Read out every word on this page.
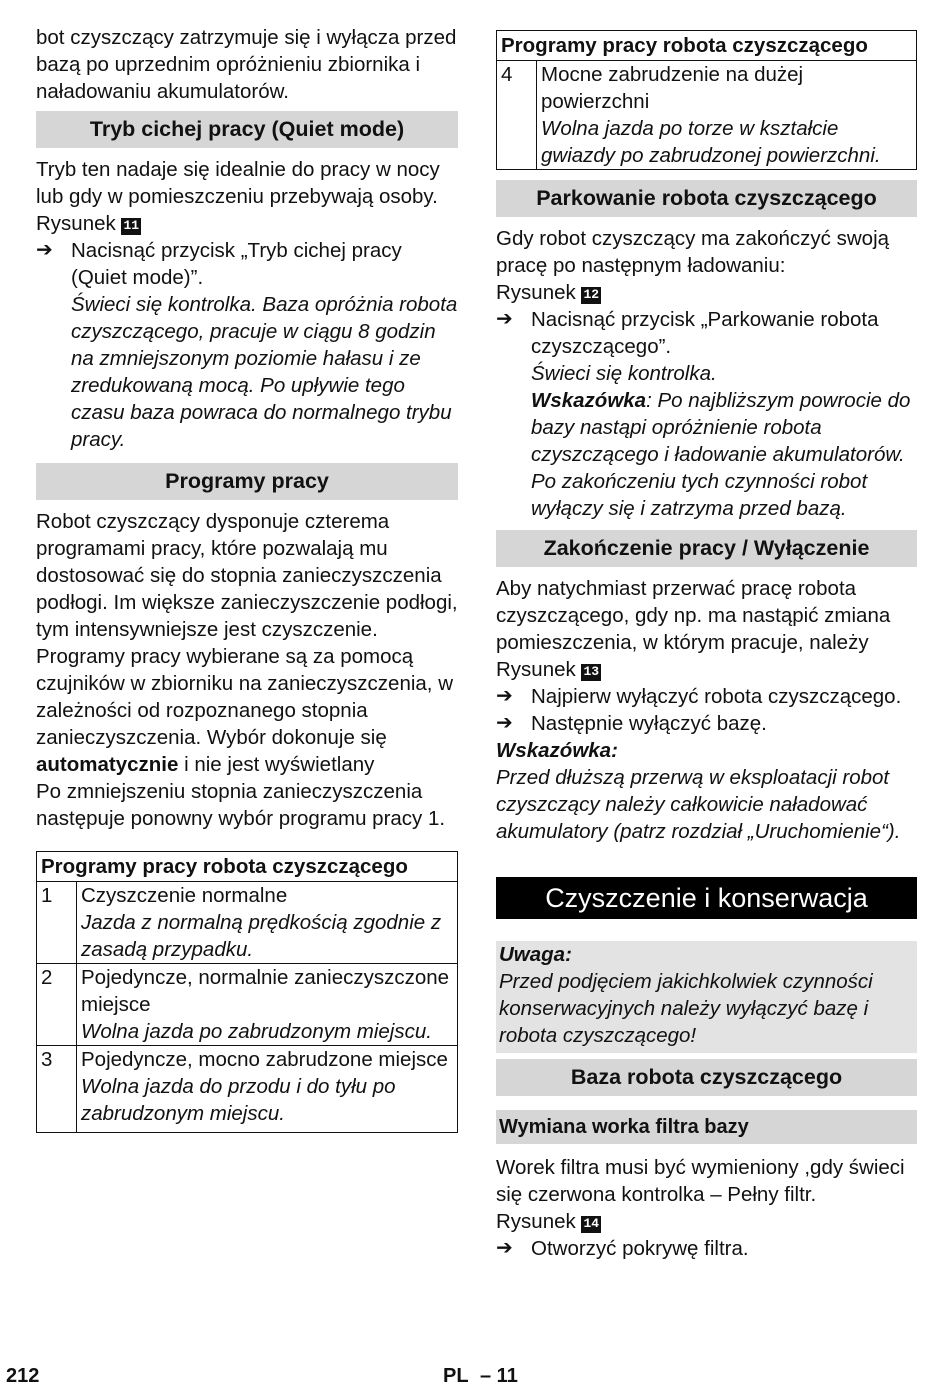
bot czyszczący zatrzymuje się i wyłącza przed bazą po uprzednim opróżnieniu zbiornika i naładowaniu akumulatorów.

Tryb cichej pracy (Quiet mode)

Tryb ten nadaje się idealnie do pracy w nocy lub gdy w pomieszczeniu przebywają osoby.

Rysunek 11

➔ Nacisnąć przycisk „Tryb cichej pracy (Quiet mode)”.

Świeci się kontrolka. Baza opróżnia robota czyszczącego, pracuje w ciągu 8 godzin na zmniejszonym poziomie hałasu i ze zredukowaną mocą. Po upływie tego czasu baza powraca do normalnego trybu pracy.

Programy pracy

Robot czyszczący dysponuje czterema programami pracy, które pozwalają mu dostosować się do stopnia zanieczyszczenia podłogi. Im większe zanieczyszczenie podłogi, tym intensywniejsze jest czyszczenie. Programy pracy wybierane są za pomocą czujników w zbiorniku na zanieczyszczenia, w zależności od rozpoznanego stopnia zanieczyszczenia. Wybór dokonuje się automatycznie i nie jest wyświetlany

Po zmniejszeniu stopnia zanieczyszczenia następuje ponowny wybór programu pracy 1.

Programy pracy robota czyszczącego	
1	Czyszczenie normalne
Jazda z normalną prędkością zgodnie z zasadą przypadku.

2	Pojedyncze, normalnie zanieczyszczone miejsce
Wolna jazda po zabrudzonym miejscu.

3	Pojedyncze, mocno zabrudzone miejsce
Wolna jazda do przodu i do tyłu po zabrudzonym miejscu.
Programy pracy robota czyszczącego
4	Mocne zabrudzenie na dużej powierzchni
Wolna jazda po torze w kształcie gwiazdy po zabrudzonej powierzchni.
Parkowanie robota czyszczącego

Gdy robot czyszczący ma zakończyć swoją pracę po następnym ładowaniu:

Rysunek 12

➔ Nacisnąć przycisk „Parkowanie robota czyszczącego”.

Świeci się kontrolka.

Wskazówka: Po najbliższym powrocie do bazy nastąpi opróżnienie robota czyszczącego i ładowanie akumulatorów. Po zakończeniu tych czynności robot wyłączy się i zatrzyma przed bazą.

Zakończenie pracy / Wyłączenie

Aby natychmiast przerwać pracę robota czyszczącego, gdy np. ma nastąpić zmiana pomieszczenia, w którym pracuje, należy

Rysunek 13

➔ Najpierw wyłączyć robota czyszczącego.
➔ Następnie wyłączyć bazę.

Wskazówka:

Przed dłuższą przerwą w eksploatacji robot czyszczący należy całkowicie naładować akumulatory (patrz rozdział „Uruchomienie“).

Czyszczenie i konserwacja

Uwaga:

Przed podjęciem jakichkolwiek czynności konserwacyjnych należy wyłączyć bazę i robota czyszczącego!

Baza robota czyszczącego
Wymiana worka filtra bazy

Worek filtra musi być wymieniony ,gdy świeci się czerwona kontrolka – Pełny filtr.

Rysunek 14

➔ Otworzyć pokrywę filtra.
212	PL – 11
